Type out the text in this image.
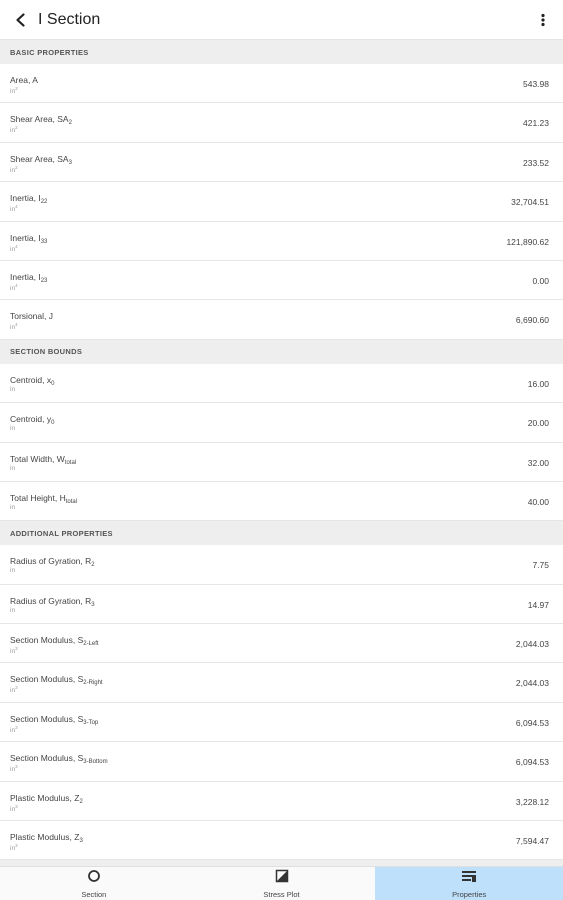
I Section
BASIC PROPERTIES
Area, A
$in^2$	543.98
Shear Area, $SA_2$
$in^2$	421.23
Shear Area, $SA_3$
$in^2$	233.52
Inertia, $I_{22}$
$in^4$	32,704.51
Inertia, $I_{33}$
$in^4$	121,890.62
Inertia, $I_{23}$
$in^4$	0.00
Torsional, J
$in^4$	6,690.60
SECTION BOUNDS
Centroid, $x_0$
in
16.00
Centroid, $y_0$
in
20.00
Total Width, $W_{total}$
in
32.00
Total Height, $H_{total}$
in
40.00
ADDITIONAL PROPERTIES
Radius of Gyration, $R_2$
in
7.75
Radius of Gyration, $R_3$
in
14.97
Section Modulus, $S_{2-Left}$
$in^3$	2,044.03
Section Modulus, $S_{2-Right}$
$in^3$	2,044.03
Section Modulus, $S_{3-Top}$
$in^3$	6,094.53
Section Modulus, $S_{3-Bottom}$
$in^3$	6,094.53
Plastic Modulus, $Z_2$
$in^3$	3,228.12
Plastic Modulus, $Z_3$
$in^3$	7,594.47
Section	Stress Plot	Properties
